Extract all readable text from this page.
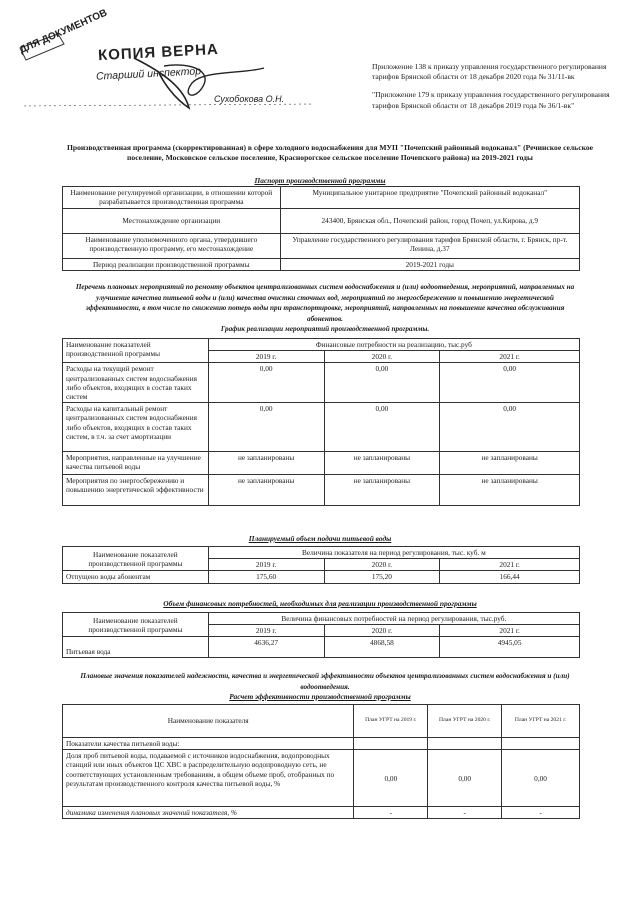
ДЛЯ ДОКУМЕНТОВ
КОПИЯ ВЕРНА
Старший инспектор
Сухобокова О.Н.

Приложение 138 к приказу управления государственного регулирования тарифов Брянской области от 18 декабря 2020 года № 31/11-вк

"Приложение 179 к приказу управления государственного регулирования тарифов Брянской области от 18 декабря 2019 года № 36/1-вк"

Производственная программа (скорректированная) в сфере холодного водоснабжения для МУП "Почепский районный водоканал" (Речинское сельское поселение, Московское сельское поселение, Краснорогское сельское поселение Почепского района) на 2019-2021 годы
Паспорт производственной программы
Наименование регулируемой организации, в отношении которой разрабатывается производственная программа	Муниципальное унитарное предприятие "Почепский районный водоканал"
Местонахождение организации	243400, Брянская обл., Почепский район, город Почеп, ул.Кирова, д.9
Наименование уполномоченного органа, утвердившего производственную программу, его местонахождение	Управление государственного регулирования тарифов Брянской области, г. Брянск, пр-т. Ленина, д.37
Период реализации производственной программы	2019-2021 годы
Перечень плановых мероприятий по ремонту объектов централизованных систем водоснабжения и (или) водоотведения, мероприятий, направленных на улучшение качества питьевой воды и (или) качества очистки сточных вод, мероприятий по энергосбережению и повышению энергетической эффективности, в том числе по снижению потерь воды при транспортировке, мероприятий, направленных на повышение качества обслуживания абонентов.
График реализации мероприятий производственной программы.
Наименование показателей производственной программы	Финансовые потребности на реализацию, тыс.руб		
	2019 г.	2020 г.	2021 г.
Расходы на текущий ремонт централизованных систем водоснабжения либо объектов, входящих в состав таких систем	0,00	0,00	0,00
Расходы на капитальный ремонт централизованных систем водоснабжения либо объектов, входящих в состав таких систем, в т.ч. за счет амортизации	0,00	0,00	0,00
Мероприятия, направленные на улучшение качества питьевой воды	не запланированы	не запланированы	не запланированы
Мероприятия по энергосбережению и повышению энергетической эффективности	не запланированы	не запланированы	не запланированы
Планируемый объем подачи питьевой воды
Наименование показателей производственной программы	Величина показателя на период регулирования, тыс. куб. м		
	2019 г.	2020 г.	2021 г.
Отпущено воды абонентам	175,60	175,20	166,44
Объем финансовых потребностей, необходимых для реализации производственной программы
Наименование показателей производственной программы	Величина финансовых потребностей на период регулирования, тыс.руб.		
	2019 г.	2020 г.	2021 г.
Питьевая вода	4636,27	4868,58	4945,05
Плановые значения показателей надежности, качества и энергетической эффективности объектов централизованных систем водоснабжения и (или) водоотведения.
Расчет эффективности производственной программы
Наименование показателя	План УГРТ на 2019 г.	План УГРТ на 2020 г.	План УГРТ на 2021 г.
Показатели качества питьевой воды:			
Доля проб питьевой воды, подаваемой с источников водоснабжения, водопроводных станций или иных объектов ЦС ХВС в распределительную водопроводную сеть, не соответствующих установленным требованиям, в общем объеме проб, отобранных по результатам производственного контроля качества питьевой воды, %	0,00	0,00	0,00
динамика изменения плановых значений показателя, %	-	-	-
